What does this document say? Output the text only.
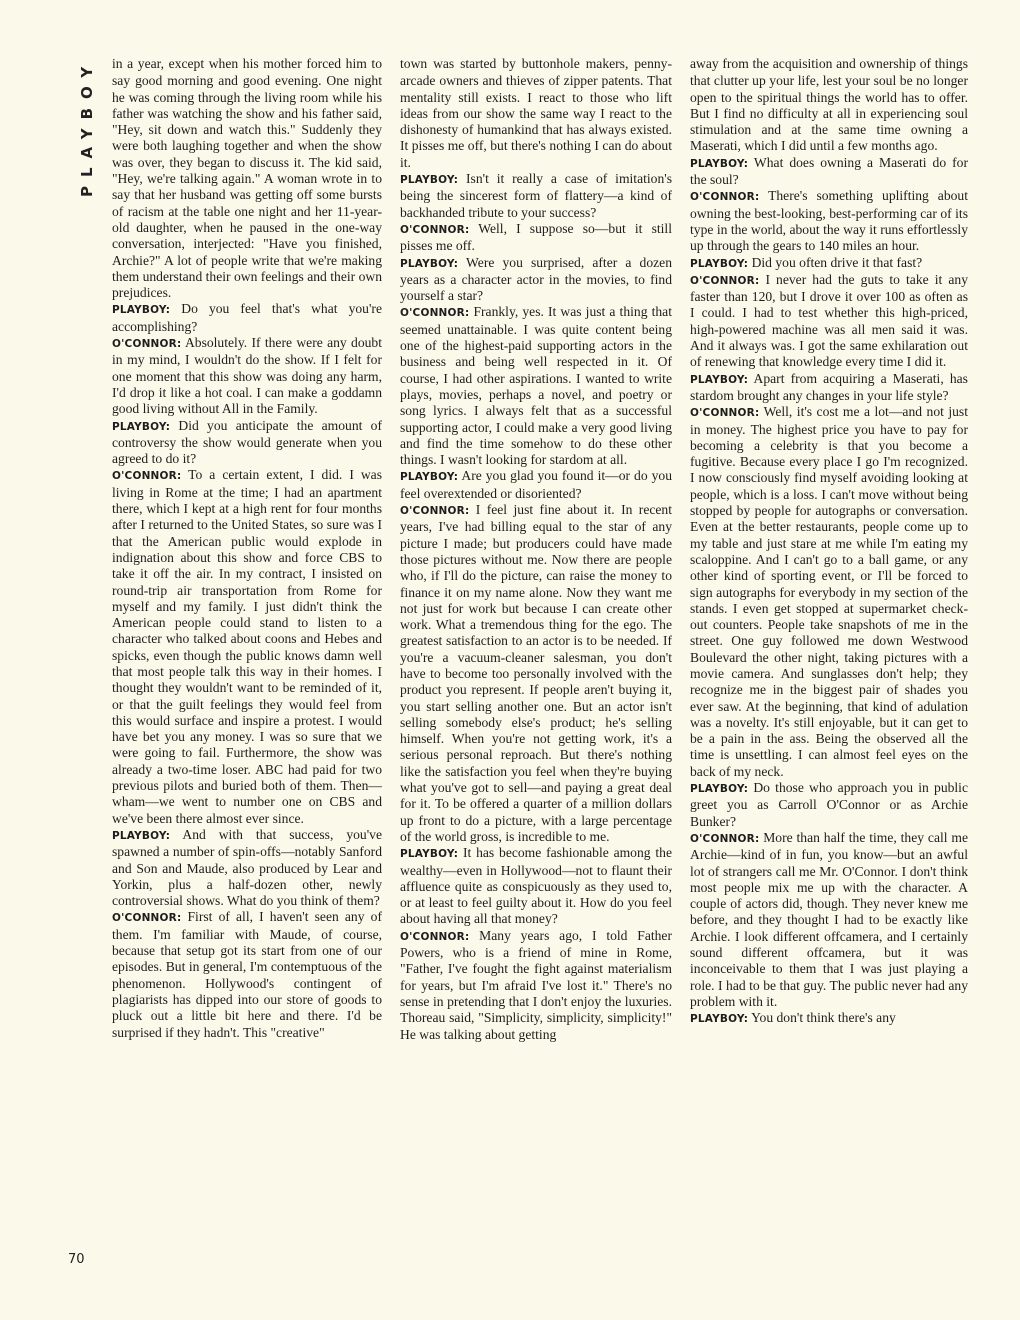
PLAYBOY in a year, except when his mother forced him to say good morning and good evening. One night he was coming through the living room while his father was watching the show and his father said, "Hey, sit down and watch this." Suddenly they were both laughing together and when the show was over, they began to discuss it. The kid said, "Hey, we're talking again." A woman wrote in to say that her husband was getting off some bursts of racism at the table one night and her 11-year-old daughter, when he paused in the one-way conversation, interjected: "Have you finished, Archie?" A lot of people write that we're making them understand their own feelings and their own prejudices.

PLAYBOY: Do you feel that's what you're accomplishing?

O'CONNOR: Absolutely. If there were any doubt in my mind, I wouldn't do the show. If I felt for one moment that this show was doing any harm, I'd drop it like a hot coal. I can make a goddamn good living without All in the Family.

PLAYBOY: Did you anticipate the amount of controversy the show would generate when you agreed to do it?

O'CONNOR: To a certain extent, I did. I was living in Rome at the time; I had an apartment there, which I kept at a high rent for four months after I returned to the United States, so sure was I that the American public would explode in indignation about this show and force CBS to take it off the air. In my contract, I insisted on round-trip air transportation from Rome for myself and my family. I just didn't think the American people could stand to listen to a character who talked about coons and Hebes and spicks, even though the public knows damn well that most people talk this way in their homes. I thought they wouldn't want to be reminded of it, or that the guilt feelings they would feel from this would surface and inspire a protest. I would have bet you any money. I was so sure that we were going to fail. Furthermore, the show was already a two-time loser. ABC had paid for two previous pilots and buried both of them. Then—wham—we went to number one on CBS and we've been there almost ever since.

PLAYBOY: And with that success, you've spawned a number of spin-offs—notably Sanford and Son and Maude, also produced by Lear and Yorkin, plus a half-dozen other, newly controversial shows. What do you think of them?

O'CONNOR: First of all, I haven't seen any of them. I'm familiar with Maude, of course, because that setup got its start from one of our episodes. But in general, I'm contemptuous of the phenomenon. Hollywood's contingent of plagiarists has dipped into our store of goods to pluck out a little bit here and there. I'd be surprised if they hadn't. This "creative"

town was started by buttonhole makers, penny-arcade owners and thieves of zipper patents. That mentality still exists. I react to those who lift ideas from our show the same way I react to the dishonesty of humankind that has always existed. It pisses me off, but there's nothing I can do about it.

PLAYBOY: Isn't it really a case of imitation's being the sincerest form of flattery—a kind of backhanded tribute to your success?

O'CONNOR: Well, I suppose so—but it still pisses me off.

PLAYBOY: Were you surprised, after a dozen years as a character actor in the movies, to find yourself a star?

O'CONNOR: Frankly, yes. It was just a thing that seemed unattainable. I was quite content being one of the highest-paid supporting actors in the business and being well respected in it. Of course, I had other aspirations. I wanted to write plays, movies, perhaps a novel, and poetry or song lyrics. I always felt that as a successful supporting actor, I could make a very good living and find the time somehow to do these other things. I wasn't looking for stardom at all.

PLAYBOY: Are you glad you found it—or do you feel overextended or disoriented?

O'CONNOR: I feel just fine about it. In recent years, I've had billing equal to the star of any picture I made; but producers could have made those pictures without me. Now there are people who, if I'll do the picture, can raise the money to finance it on my name alone. Now they want me not just for work but because I can create other work. What a tremendous thing for the ego. The greatest satisfaction to an actor is to be needed. If you're a vacuum-cleaner salesman, you don't have to become too personally involved with the product you represent. If people aren't buying it, you start selling another one. But an actor isn't selling somebody else's product; he's selling himself. When you're not getting work, it's a serious personal reproach. But there's nothing like the satisfaction you feel when they're buying what you've got to sell—and paying a great deal for it. To be offered a quarter of a million dollars up front to do a picture, with a large percentage of the world gross, is incredible to me.

PLAYBOY: It has become fashionable among the wealthy—even in Hollywood—not to flaunt their affluence quite as conspicuously as they used to, or at least to feel guilty about it. How do you feel about having all that money?

O'CONNOR: Many years ago, I told Father Powers, who is a friend of mine in Rome, "Father, I've fought the fight against materialism for years, but I'm afraid I've lost it." There's no sense in pretending that I don't enjoy the luxuries. Thoreau said, "Simplicity, simplicity, simplicity!" He was talking about getting

away from the acquisition and ownership of things that clutter up your life, lest your soul be no longer open to the spiritual things the world has to offer. But I find no difficulty at all in experiencing soul stimulation and at the same time owning a Maserati, which I did until a few months ago.

PLAYBOY: What does owning a Maserati do for the soul?

O'CONNOR: There's something uplifting about owning the best-looking, best-performing car of its type in the world, about the way it runs effortlessly up through the gears to 140 miles an hour.

PLAYBOY: Did you often drive it that fast?

O'CONNOR: I never had the guts to take it any faster than 120, but I drove it over 100 as often as I could. I had to test whether this high-priced, high-powered machine was all men said it was. And it always was. I got the same exhilaration out of renewing that knowledge every time I did it.

PLAYBOY: Apart from acquiring a Maserati, has stardom brought any changes in your life style?

O'CONNOR: Well, it's cost me a lot—and not just in money. The highest price you have to pay for becoming a celebrity is that you become a fugitive. Because every place I go I'm recognized. I now consciously find myself avoiding looking at people, which is a loss. I can't move without being stopped by people for autographs or conversation. Even at the better restaurants, people come up to my table and just stare at me while I'm eating my scaloppine. And I can't go to a ball game, or any other kind of sporting event, or I'll be forced to sign autographs for everybody in my section of the stands. I even get stopped at supermarket check-out counters. People take snapshots of me in the street. One guy followed me down Westwood Boulevard the other night, taking pictures with a movie camera. And sunglasses don't help; they recognize me in the biggest pair of shades you ever saw. At the beginning, that kind of adulation was a novelty. It's still enjoyable, but it can get to be a pain in the ass. Being the observed all the time is unsettling. I can almost feel eyes on the back of my neck.

PLAYBOY: Do those who approach you in public greet you as Carroll O'Connor or as Archie Bunker?

O'CONNOR: More than half the time, they call me Archie—kind of in fun, you know—but an awful lot of strangers call me Mr. O'Connor. I don't think most people mix me up with the character. A couple of actors did, though. They never knew me before, and they thought I had to be exactly like Archie. I look different offcamera, and I certainly sound different offcamera, but it was inconceivable to them that I was just playing a role. I had to be that guy. The public never had any problem with it.

PLAYBOY: You don't think there's any

70
